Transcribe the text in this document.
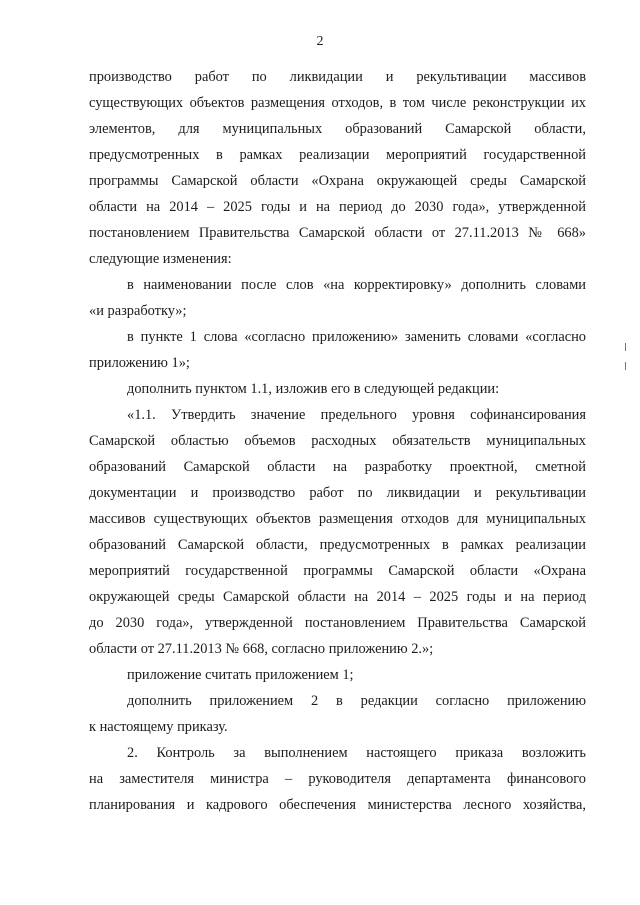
2

производство работ по ликвидации и рекультивации массивов

существующих объектов размещения отходов, в том числе реконструкции их

элементов, для муниципальных образований Самарской области,

предусмотренных в рамках реализации мероприятий государственной

программы Самарской области «Охрана окружающей среды Самарской

области на 2014 – 2025 годы и на период до 2030 года», утвержденной

постановлением Правительства Самарской области от 27.11.2013 № 668»

следующие изменения:

в наименовании после слов «на корректировку» дополнить словами

«и разработку»;

в пункте 1 слова «согласно приложению» заменить словами «согласно

приложению 1»;

дополнить пунктом 1.1, изложив его в следующей редакции:

«1.1. Утвердить значение предельного уровня софинансирования

Самарской областью объемов расходных обязательств муниципальных

образований Самарской области на разработку проектной, сметной

документации и производство работ по ликвидации и рекультивации

массивов существующих объектов размещения отходов для муниципальных

образований Самарской области, предусмотренных в рамках реализации

мероприятий государственной программы Самарской области «Охрана

окружающей среды Самарской области на 2014 – 2025 годы и на период

до 2030 года», утвержденной постановлением Правительства Самарской

области от 27.11.2013 № 668, согласно приложению 2.»;

приложение считать приложением 1;

дополнить приложением 2 в редакции согласно приложению

к настоящему приказу.

2. Контроль за выполнением настоящего приказа возложить

на заместителя министра – руководителя департамента финансового

планирования и кадрового обеспечения министерства лесного хозяйства,
